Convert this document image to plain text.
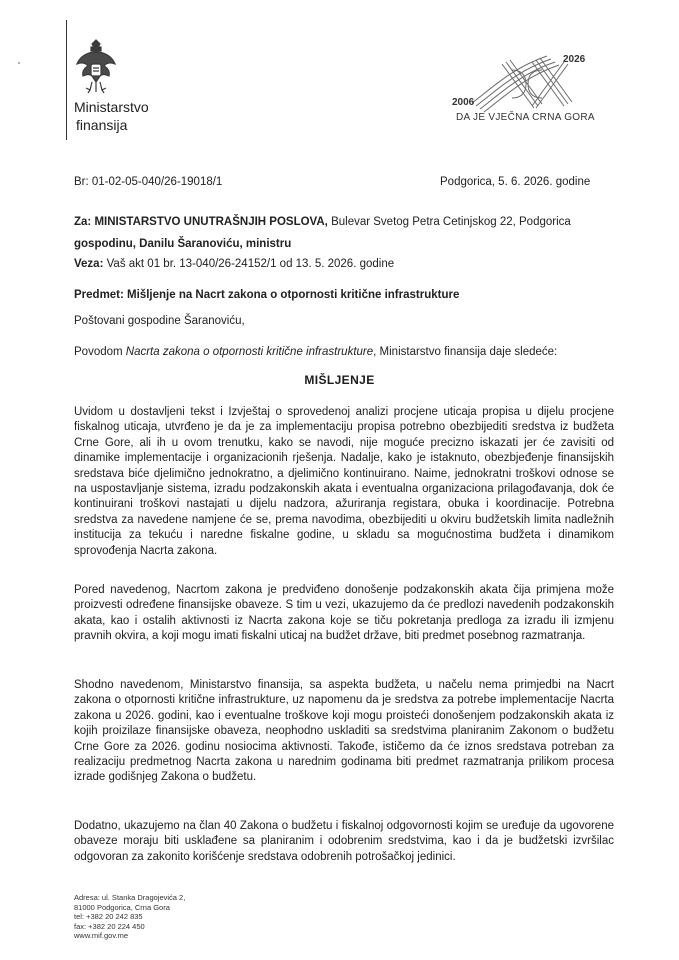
Ministarstvo
finansija
2026
2006
DA JE VJEČNA CRNA GORA
Br: 01-02-05-040/26-19018/1	Podgorica, 5. 6. 2026. godine
Za: MINISTARSTVO UNUTRAŠNJIH POSLOVA, Bulevar Svetog Petra Cetinjskog 22, Podgorica
gospodinu, Danilu Šaranoviću, ministru
Veza: Vaš akt 01 br. 13-040/26-24152/1 od 13. 5. 2026. godine
Predmet: Mišljenje na Nacrt zakona o otpornosti kritične infrastrukture
Poštovani gospodine Šaranoviću,
Povodom Nacrta zakona o otpornosti kritične infrastrukture, Ministarstvo finansija daje sledeće:
MIŠLJENJE
Uvidom u dostavljeni tekst i Izvještaj o sprovedenoj analizi procjene uticaja propisa u dijelu procjene fiskalnog uticaja, utvrđeno je da je za implementaciju propisa potrebno obezbijediti sredstva iz budžeta Crne Gore, ali ih u ovom trenutku, kako se navodi, nije moguće precizno iskazati jer će zavisiti od dinamike implementacije i organizacionih rješenja. Nadalje, kako je istaknuto, obezbjeđenje finansijskih sredstava biće djelimično jednokratno, a djelimično kontinuirano. Naime, jednokratni troškovi odnose se na uspostavljanje sistema, izradu podzakonskih akata i eventualna organizaciona prilagođavanja, dok će kontinuirani troškovi nastajati u dijelu nadzora, ažuriranja registara, obuka i koordinacije. Potrebna sredstva za navedene namjene će se, prema navodima, obezbijediti u okviru budžetskih limita nadležnih institucija za tekuću i naredne fiskalne godine, u skladu sa mogućnostima budžeta i dinamikom sprovođenja Nacrta zakona.
Pored navedenog, Nacrtom zakona je predviđeno donošenje podzakonskih akata čija primjena može proizvesti određene finansijske obaveze. S tim u vezi, ukazujemo da će predlozi navedenih podzakonskih akata, kao i ostalih aktivnosti iz Nacrta zakona koje se tiču pokretanja predloga za izradu ili izmjenu pravnih okvira, a koji mogu imati fiskalni uticaj na budžet države, biti predmet posebnog razmatranja.
Shodno navedenom, Ministarstvo finansija, sa aspekta budžeta, u načelu nema primjedbi na Nacrt zakona o otpornosti kritične infrastrukture, uz napomenu da je sredstva za potrebe implementacije Nacrta zakona u 2026. godini, kao i eventualne troškove koji mogu proisteći donošenjem podzakonskih akata iz kojih proizilaze finansijske obaveza, neophodno uskladiti sa sredstvima planiranim Zakonom o budžetu Crne Gore za 2026. godinu nosiocima aktivnosti. Takođe, ističemo da će iznos sredstava potreban za realizaciju predmetnog Nacrta zakona u narednim godinama biti predmet razmatranja prilikom procesa izrade godišnjeg Zakona o budžetu.
Dodatno, ukazujemo na član 40 Zakona o budžetu i fiskalnoj odgovornosti kojim se uređuje da ugovorene obaveze moraju biti usklađene sa planiranim i odobrenim sredstvima, kao i da je budžetski izvršilac odgovoran za zakonito korišćenje sredstava odobrenih potrošačkoj jedinici.
Adresa: ul. Stanka Dragojevića 2,
81000 Podgorica, Crna Gora
tel: +382 20 242 835
fax: +382 20 224 450
www.mif.gov.me
